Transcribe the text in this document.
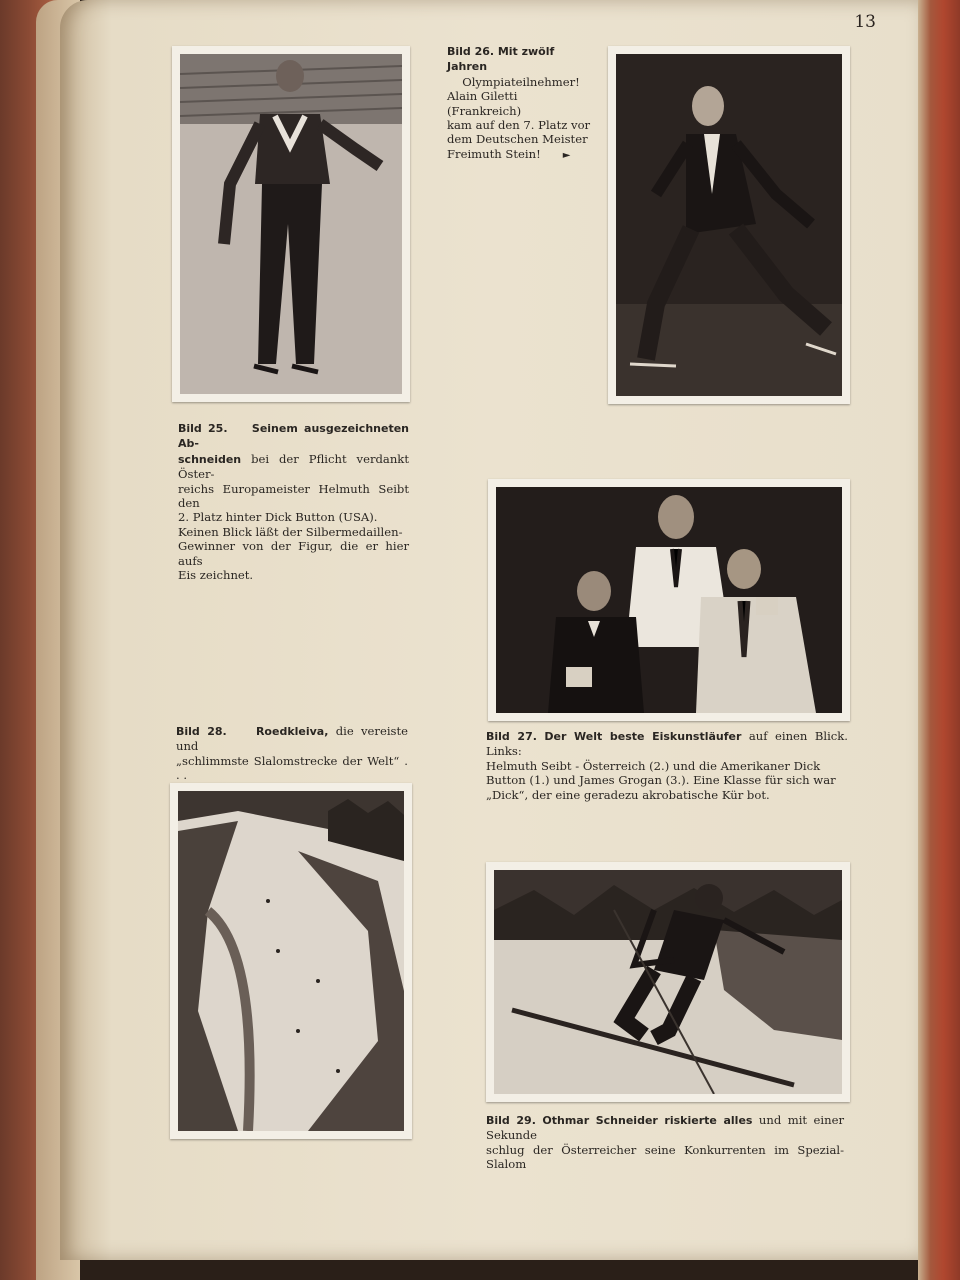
13
Bild 25. Seinem ausgezeichneten Ab-
schneiden bei der Pflicht verdankt Öster-
reichs Europameister Helmuth Seibt den
2. Platz hinter Dick Button (USA).
Keinen Blick läßt der Silbermedaillen-
Gewinner von der Figur, die er hier aufs
Eis zeichnet.
Bild 26. Mit zwölf Jahren
Olympiateilnehmer!
Alain Giletti (Frankreich)
kam auf den 7. Platz vor
dem Deutschen Meister
Freimuth Stein! ►
Bild 27. Der Welt beste Eiskunstläufer auf einen Blick. Links:
Helmuth Seibt - Österreich (2.) und die Amerikaner Dick
Button (1.) und James Grogan (3.). Eine Klasse für sich war
„Dick“, der eine geradezu akrobatische Kür bot.
Bild 28.	Roedkleiva, die vereiste und
„schlimmste Slalomstrecke der Welt“ . . .
Bild 29. Othmar Schneider riskierte alles und mit einer Sekunde
schlug der Österreicher seine Konkurrenten im Spezial-Slalom
